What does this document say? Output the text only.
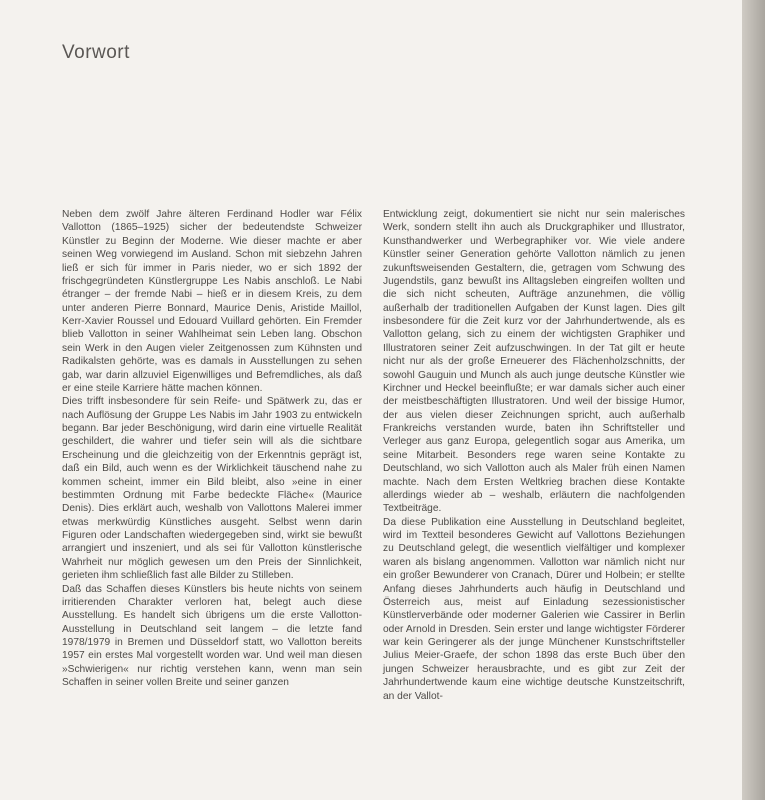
Vorwort

Neben dem zwölf Jahre älteren Ferdinand Hodler war Félix Vallotton (1865–1925) sicher der bedeutendste Schweizer Künstler zu Beginn der Moderne. Wie dieser machte er aber seinen Weg vorwiegend im Ausland. Schon mit siebzehn Jahren ließ er sich für immer in Paris nieder, wo er sich 1892 der frischgegründeten Künstlergruppe Les Nabis anschloß. Le Nabi étranger – der fremde Nabi – hieß er in diesem Kreis, zu dem unter anderen Pierre Bonnard, Maurice Denis, Aristide Maillol, Kerr-Xavier Roussel und Edouard Vuillard gehörten. Ein Fremder blieb Vallotton in seiner Wahlheimat sein Leben lang. Obschon sein Werk in den Augen vieler Zeitgenossen zum Kühnsten und Radikalsten gehörte, was es damals in Ausstellungen zu sehen gab, war darin allzuviel Eigenwilliges und Befremdliches, als daß er eine steile Karriere hätte machen können.

Dies trifft insbesondere für sein Reife- und Spätwerk zu, das er nach Auflösung der Gruppe Les Nabis im Jahr 1903 zu entwickeln begann. Bar jeder Beschönigung, wird darin eine virtuelle Realität geschildert, die wahrer und tiefer sein will als die sichtbare Erscheinung und die gleichzeitig von der Erkenntnis geprägt ist, daß ein Bild, auch wenn es der Wirklichkeit täuschend nahe zu kommen scheint, immer ein Bild bleibt, also »eine in einer bestimmten Ordnung mit Farbe bedeckte Fläche« (Maurice Denis). Dies erklärt auch, weshalb von Vallottons Malerei immer etwas merkwürdig Künstliches ausgeht. Selbst wenn darin Figuren oder Landschaften wiedergegeben sind, wirkt sie bewußt arrangiert und inszeniert, und als sei für Vallotton künstlerische Wahrheit nur möglich gewesen um den Preis der Sinnlichkeit, gerieten ihm schließlich fast alle Bilder zu Stilleben.

Daß das Schaffen dieses Künstlers bis heute nichts von seinem irritierenden Charakter verloren hat, belegt auch diese Ausstellung. Es handelt sich übrigens um die erste Vallotton-Ausstellung in Deutschland seit langem – die letzte fand 1978/1979 in Bremen und Düsseldorf statt, wo Vallotton bereits 1957 ein erstes Mal vorgestellt worden war. Und weil man diesen »Schwierigen« nur richtig verstehen kann, wenn man sein Schaffen in seiner vollen Breite und seiner ganzen

Entwicklung zeigt, dokumentiert sie nicht nur sein malerisches Werk, sondern stellt ihn auch als Druckgraphiker und Illustrator, Kunsthandwerker und Werbegraphiker vor. Wie viele andere Künstler seiner Generation gehörte Vallotton nämlich zu jenen zukunftsweisenden Gestaltern, die, getragen vom Schwung des Jugendstils, ganz bewußt ins Alltagsleben eingreifen wollten und die sich nicht scheuten, Aufträge anzunehmen, die völlig außerhalb der traditionellen Aufgaben der Kunst lagen. Dies gilt insbesondere für die Zeit kurz vor der Jahrhundertwende, als es Vallotton gelang, sich zu einem der wichtigsten Graphiker und Illustratoren seiner Zeit aufzuschwingen. In der Tat gilt er heute nicht nur als der große Erneuerer des Flächenholzschnitts, der sowohl Gauguin und Munch als auch junge deutsche Künstler wie Kirchner und Heckel beeinflußte; er war damals sicher auch einer der meistbeschäftigten Illustratoren. Und weil der bissige Humor, der aus vielen dieser Zeichnungen spricht, auch außerhalb Frankreichs verstanden wurde, baten ihn Schriftsteller und Verleger aus ganz Europa, gelegentlich sogar aus Amerika, um seine Mitarbeit. Besonders rege waren seine Kontakte zu Deutschland, wo sich Vallotton auch als Maler früh einen Namen machte. Nach dem Ersten Weltkrieg brachen diese Kontakte allerdings wieder ab – weshalb, erläutern die nachfolgenden Textbeiträge.

Da diese Publikation eine Ausstellung in Deutschland begleitet, wird im Textteil besonderes Gewicht auf Vallottons Beziehungen zu Deutschland gelegt, die wesentlich vielfältiger und komplexer waren als bislang angenommen. Vallotton war nämlich nicht nur ein großer Bewunderer von Cranach, Dürer und Holbein; er stellte Anfang dieses Jahrhunderts auch häufig in Deutschland und Österreich aus, meist auf Einladung sezessionistischer Künstlerverbände oder moderner Galerien wie Cassirer in Berlin oder Arnold in Dresden. Sein erster und lange wichtigster Förderer war kein Geringerer als der junge Münchener Kunstschriftsteller Julius Meier-Graefe, der schon 1898 das erste Buch über den jungen Schweizer herausbrachte, und es gibt zur Zeit der Jahrhundertwende kaum eine wichtige deutsche Kunstzeitschrift, an der Vallot-
